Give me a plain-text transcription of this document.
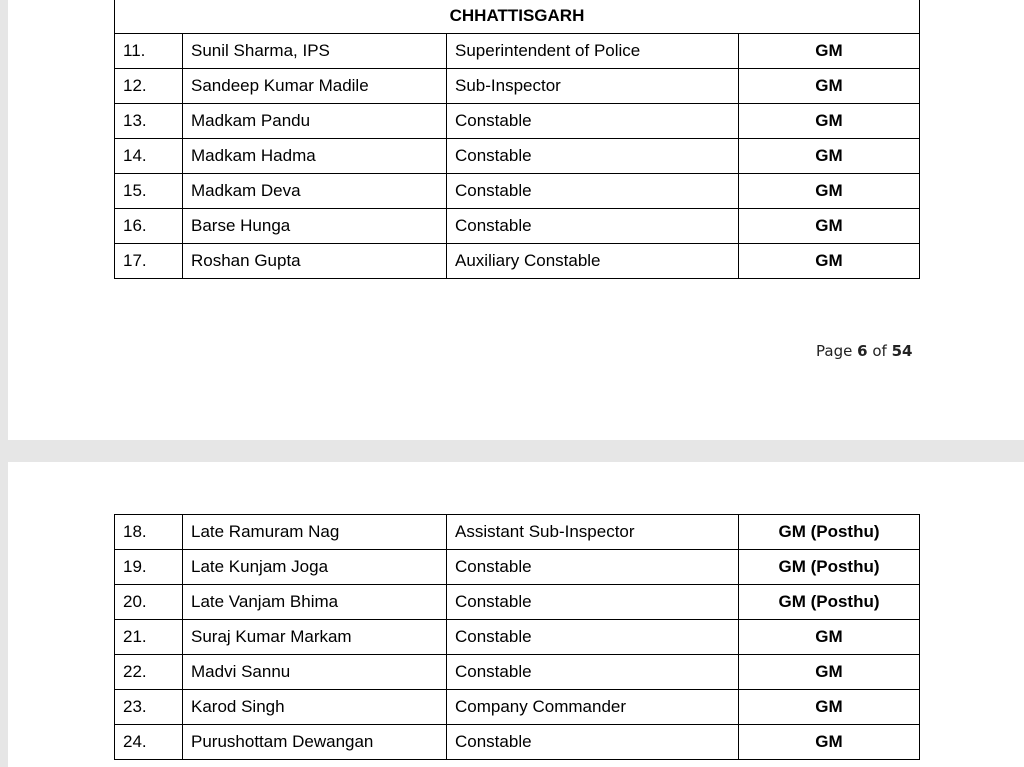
CHHATTISGARH			
11.	Sunil Sharma, IPS	Superintendent of Police	GM
12.	Sandeep Kumar Madile	Sub-Inspector	GM
13.	Madkam Pandu	Constable	GM
14.	Madkam Hadma	Constable	GM
15.	Madkam Deva	Constable	GM
16.	Barse Hunga	Constable	GM
17.	Roshan Gupta	Auxiliary Constable	GM
Page 6 of 54
18.	Late Ramuram Nag	Assistant Sub-Inspector	GM (Posthu)
19.	Late Kunjam Joga	Constable	GM (Posthu)
20.	Late Vanjam Bhima	Constable	GM (Posthu)
21.	Suraj Kumar Markam	Constable	GM
22.	Madvi Sannu	Constable	GM
23.	Karod Singh	Company Commander	GM
24.	Purushottam Dewangan	Constable	GM
